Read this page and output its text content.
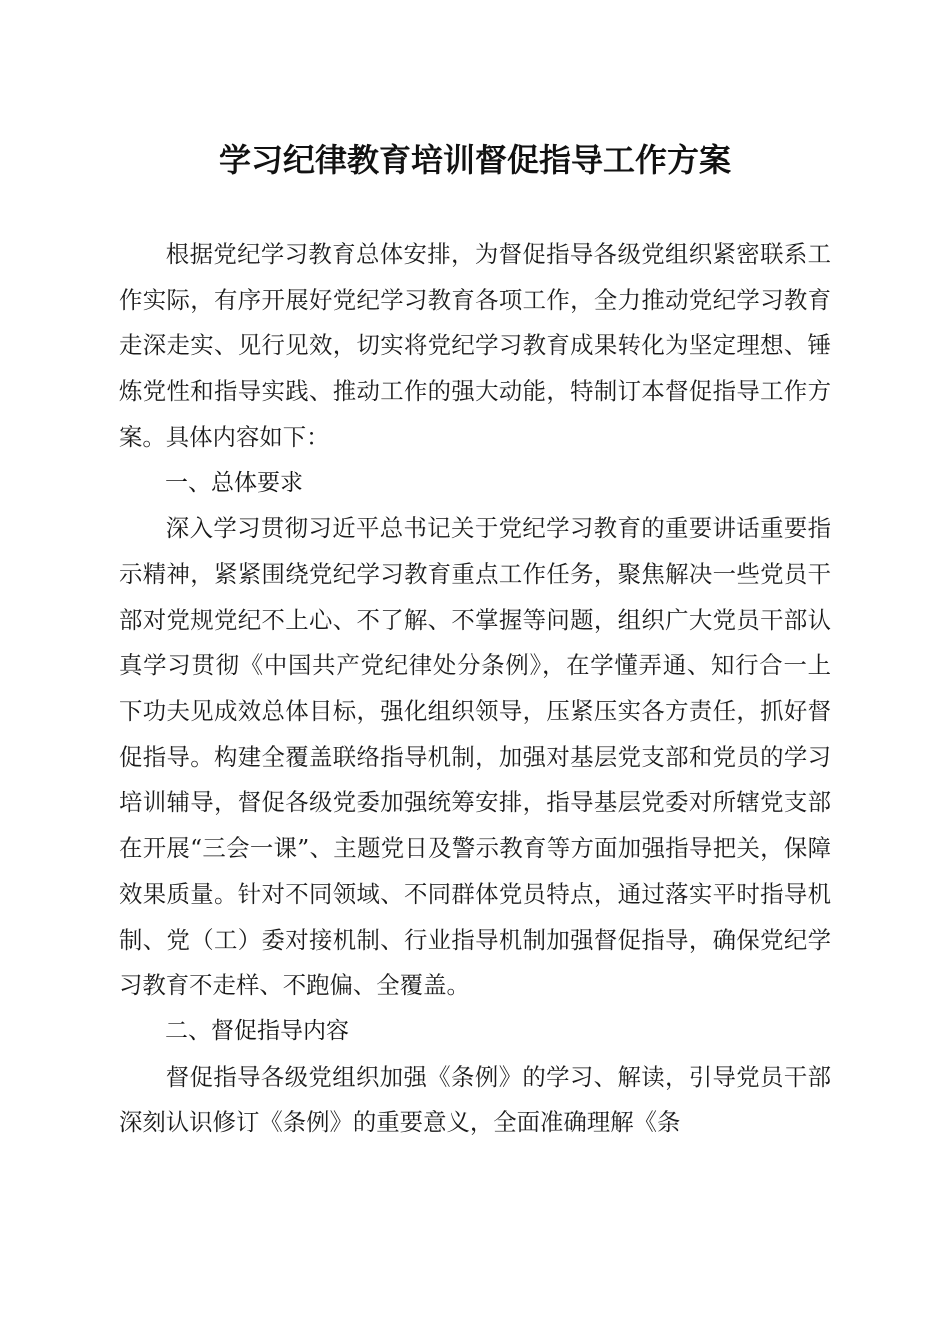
学习纪律教育培训督促指导工作方案

根据党纪学习教育总体安排，为督促指导各级党组织紧密联系工作实际，有序开展好党纪学习教育各项工作，全力推动党纪学习教育走深走实、见行见效，切实将党纪学习教育成果转化为坚定理想、锤炼党性和指导实践、推动工作的强大动能，特制订本督促指导工作方案。具体内容如下：

一、总体要求

深入学习贯彻习近平总书记关于党纪学习教育的重要讲话重要指示精神，紧紧围绕党纪学习教育重点工作任务，聚焦解决一些党员干部对党规党纪不上心、不了解、不掌握等问题，组织广大党员干部认真学习贯彻《中国共产党纪律处分条例》，在学懂弄通、知行合一上下功夫见成效总体目标，强化组织领导，压紧压实各方责任，抓好督促指导。构建全覆盖联络指导机制，加强对基层党支部和党员的学习培训辅导，督促各级党委加强统筹安排，指导基层党委对所辖党支部在开展“三会一课”、主题党日及警示教育等方面加强指导把关，保障效果质量。针对不同领域、不同群体党员特点，通过落实平时指导机制、党（工）委对接机制、行业指导机制加强督促指导，确保党纪学习教育不走样、不跑偏、全覆盖。

二、督促指导内容

督促指导各级党组织加强《条例》的学习、解读，引导党员干部深刻认识修订《条例》的重要意义，全面准确理解《条
